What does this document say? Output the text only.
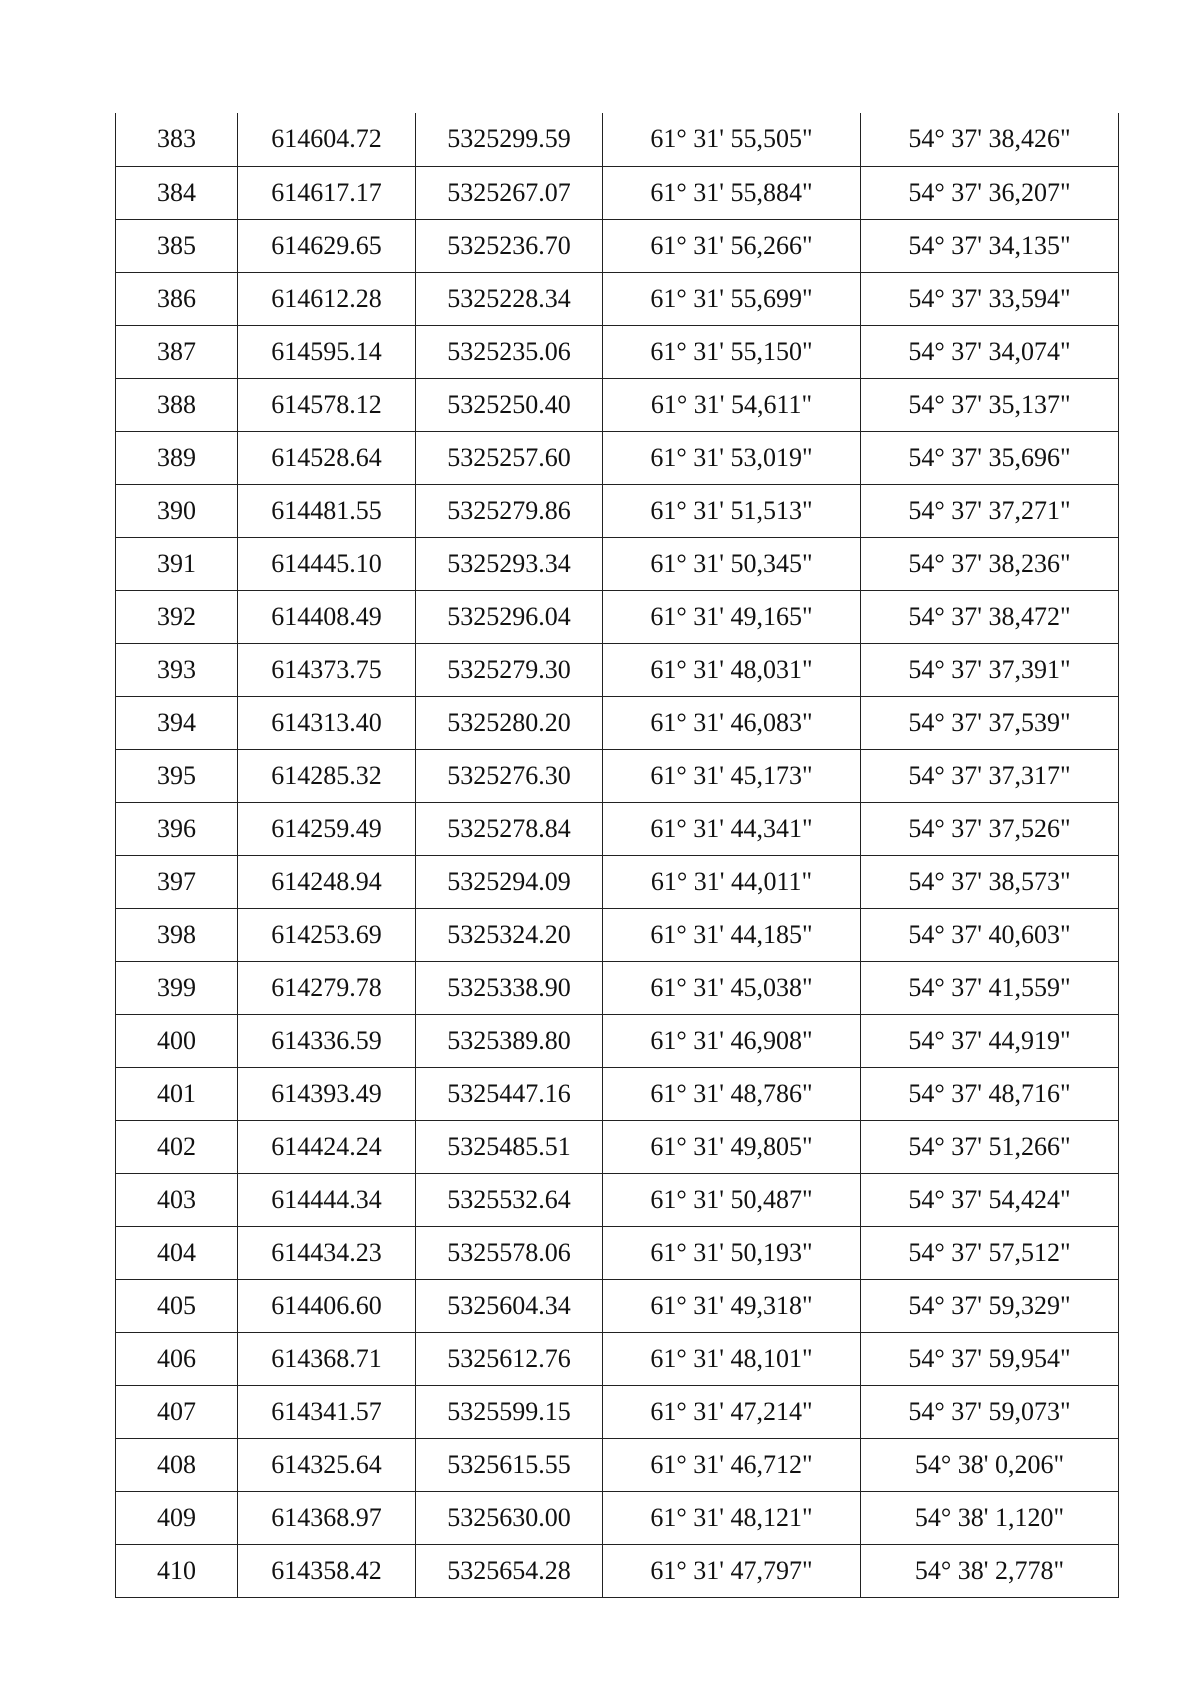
383	614604.72	5325299.59	61° 31' 55,505"	54° 37' 38,426"
384	614617.17	5325267.07	61° 31' 55,884"	54° 37' 36,207"
385	614629.65	5325236.70	61° 31' 56,266"	54° 37' 34,135"
386	614612.28	5325228.34	61° 31' 55,699"	54° 37' 33,594"
387	614595.14	5325235.06	61° 31' 55,150"	54° 37' 34,074"
388	614578.12	5325250.40	61° 31' 54,611"	54° 37' 35,137"
389	614528.64	5325257.60	61° 31' 53,019"	54° 37' 35,696"
390	614481.55	5325279.86	61° 31' 51,513"	54° 37' 37,271"
391	614445.10	5325293.34	61° 31' 50,345"	54° 37' 38,236"
392	614408.49	5325296.04	61° 31' 49,165"	54° 37' 38,472"
393	614373.75	5325279.30	61° 31' 48,031"	54° 37' 37,391"
394	614313.40	5325280.20	61° 31' 46,083"	54° 37' 37,539"
395	614285.32	5325276.30	61° 31' 45,173"	54° 37' 37,317"
396	614259.49	5325278.84	61° 31' 44,341"	54° 37' 37,526"
397	614248.94	5325294.09	61° 31' 44,011"	54° 37' 38,573"
398	614253.69	5325324.20	61° 31' 44,185"	54° 37' 40,603"
399	614279.78	5325338.90	61° 31' 45,038"	54° 37' 41,559"
400	614336.59	5325389.80	61° 31' 46,908"	54° 37' 44,919"
401	614393.49	5325447.16	61° 31' 48,786"	54° 37' 48,716"
402	614424.24	5325485.51	61° 31' 49,805"	54° 37' 51,266"
403	614444.34	5325532.64	61° 31' 50,487"	54° 37' 54,424"
404	614434.23	5325578.06	61° 31' 50,193"	54° 37' 57,512"
405	614406.60	5325604.34	61° 31' 49,318"	54° 37' 59,329"
406	614368.71	5325612.76	61° 31' 48,101"	54° 37' 59,954"
407	614341.57	5325599.15	61° 31' 47,214"	54° 37' 59,073"
408	614325.64	5325615.55	61° 31' 46,712"	54° 38' 0,206"
409	614368.97	5325630.00	61° 31' 48,121"	54° 38' 1,120"
410	614358.42	5325654.28	61° 31' 47,797"	54° 38' 2,778"
